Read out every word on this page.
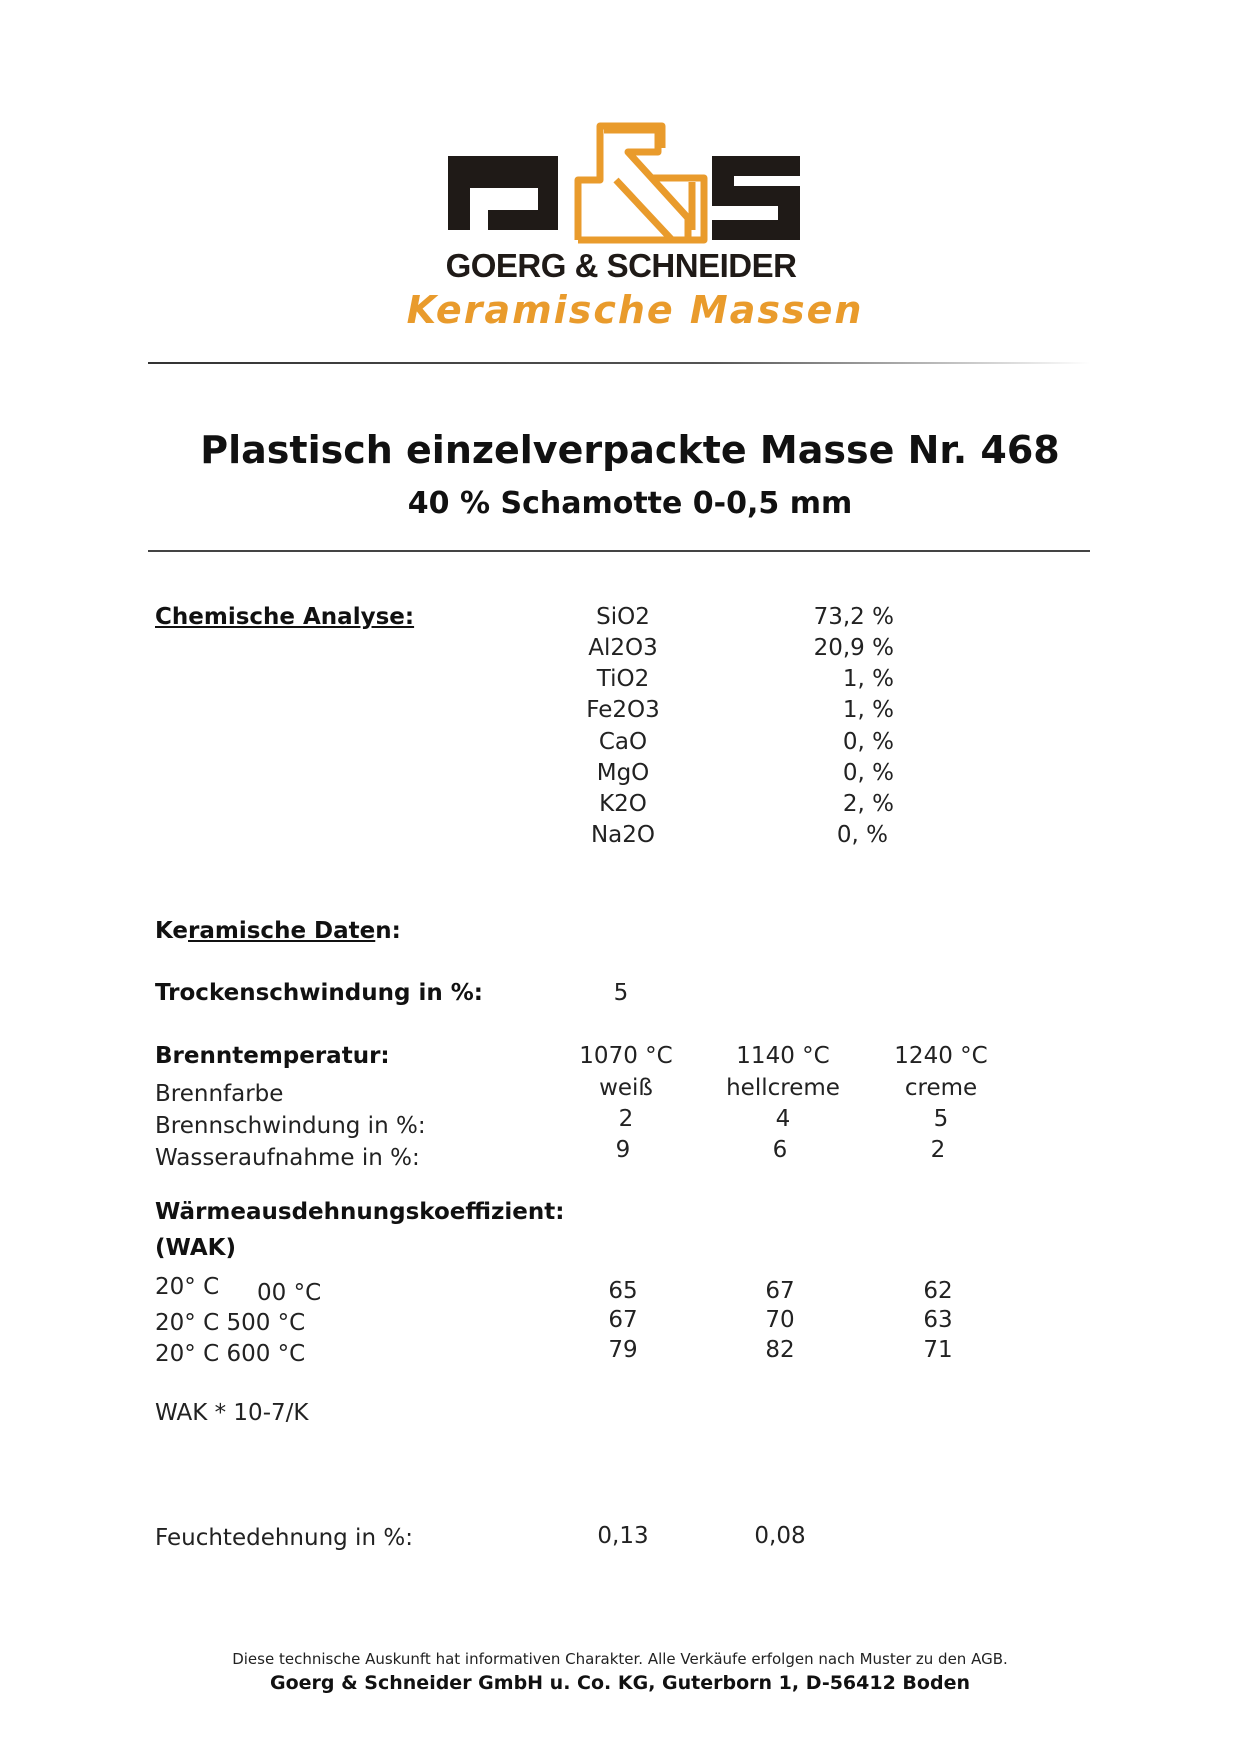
GOERG & SCHNEIDER
Keramische Massen
Plastisch einzelverpackte Masse Nr. 468
40 % Schamotte 0-0,5 mm
Chemische Analyse:	SiO2	73,2 %
Al2O3	20,9 %
TiO2	1, %
Fe2O3	1, %
CaO	0, %
MgO	0, %
K2O	2, %
Na2O	0, %
Keramische Daten:
Trockenschwindung in %:	5
Brenntemperatur:	1070 °C	1140 °C	1240 °C
Brennfarbe	weiß	hellcreme	creme
Brennschwindung in %:	2	4	5
Wasseraufnahme in %:	9	6	2
Wärmeausdehnungskoeffizient:
(WAK)
20° C 00 °C	65	67	62
20° C 500 °C	67	70	63
20° C 600 °C	79	82	71
WAK * 10-7/K
Feuchtedehnung in %:	0,13	0,08
Diese technische Auskunft hat informativen Charakter. Alle Verkäufe erfolgen nach Muster zu den AGB.
Goerg & Schneider GmbH u. Co. KG, Guterborn 1, D-56412 Boden
